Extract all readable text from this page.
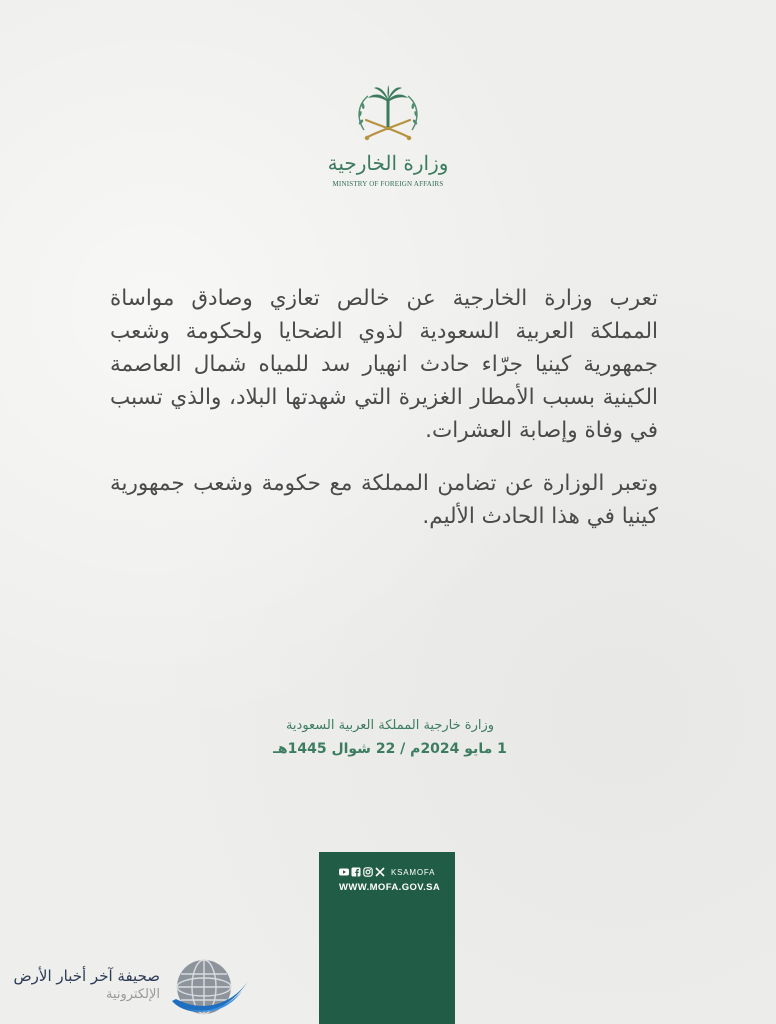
وزارة الخارجية
MINISTRY OF FOREIGN AFFAIRS

تعرب وزارة الخارجية عن خالص تعازي وصادق مواساة المملكة العربية السعودية لذوي الضحايا ولحكومة وشعب جمهورية كينيا جرّاء حادث انهيار سد للمياه شمال العاصمة الكينية بسبب الأمطار الغزيرة التي شهدتها البلاد، والذي تسبب في وفاة وإصابة العشرات.

وتعبر الوزارة عن تضامن المملكة مع حكومة وشعب جمهورية كينيا في هذا الحادث الأليم.

وزارة خارجية المملكة العربية السعودية
1 مايو 2024م / 22 شوال 1445هـ
KSAMOFA
WWW.MOFA.GOV.SA
صحيفة آخر أخبار الأرض
الإلكترونية
